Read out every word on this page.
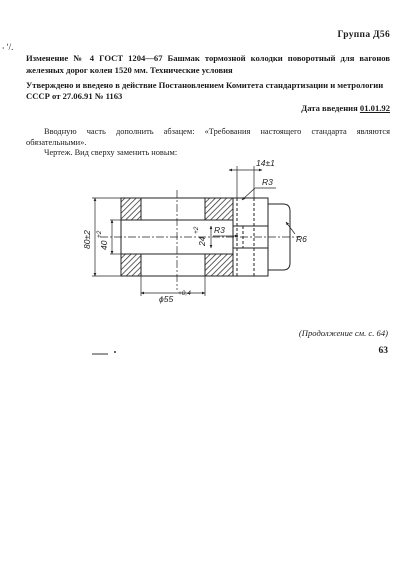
⸳ ʹ/.
Группа Д56
Изменение № 4 ГОСТ 1204—67 Башмак тормозной колодки поворотный для вагонов железных дорог колен 1520 мм. Технические условия
Утверждено и введено в действие Постановлением Комитета стандартизации и метрологии СССР от 27.06.91 № 1163
Дата введения 01.01.92
Вводную часть дополнить абзацем: «Требования настоящего стандарта являются обязательными».
Чертеж. Вид сверху заменить новым:
14±1
R3
R3
R6
24
+2
40
+2
80±2
ϕ55
+0,4
(Продолжение см. с. 64)
63
